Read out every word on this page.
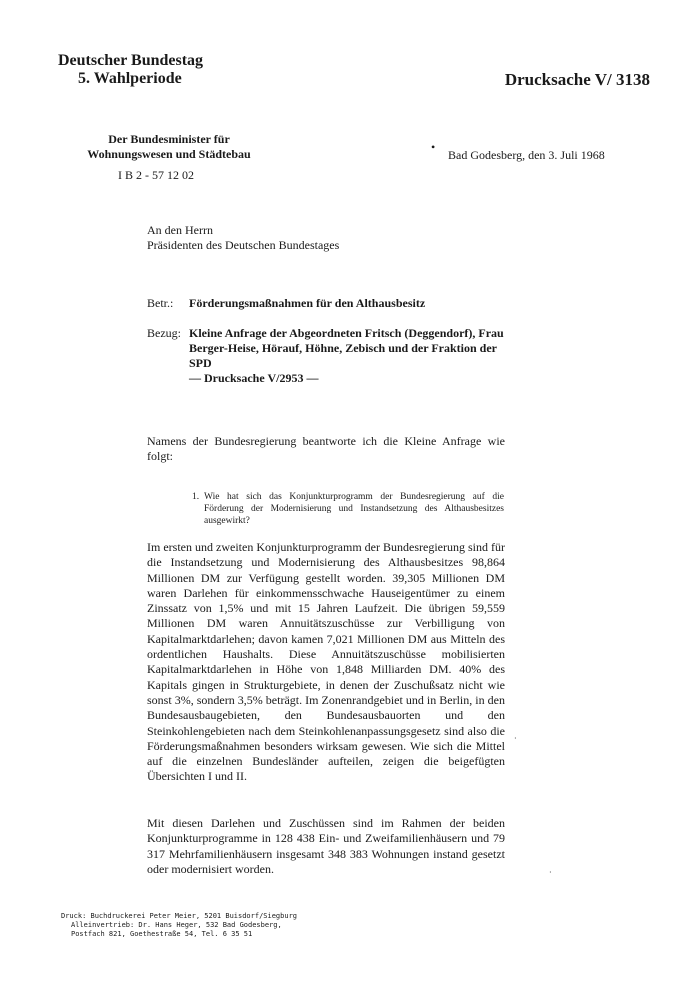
Deutscher Bundestag
5. Wahlperiode	Drucksache V/ 3138
Der Bundesminister für
Wohnungswesen und Städtebau
I B 2 - 57 12 02
•
Bad Godesberg, den 3. Juli 1968
An den Herrn
Präsidenten des Deutschen Bundestages
Betr.: Förderungsmaßnahmen für den Althausbesitz
Bezug: Kleine Anfrage der Abgeordneten Fritsch (Deggendorf), Frau Berger-Heise, Hörauf, Höhne, Zebisch und der Fraktion der SPD
— Drucksache V/2953 —
Namens der Bundesregierung beantworte ich die Kleine Anfrage wie folgt:
1. Wie hat sich das Konjunkturprogramm der Bundesregierung auf die Förderung der Modernisierung und Instandsetzung des Althausbesitzes ausgewirkt?
Im ersten und zweiten Konjunkturprogramm der Bundesregierung sind für die Instandsetzung und Modernisierung des Althausbesitzes 98,864 Millionen DM zur Verfügung gestellt worden. 39,305 Millionen DM waren Darlehen für einkommensschwache Hauseigentümer zu einem Zinssatz von 1,5% und mit 15 Jahren Laufzeit. Die übrigen 59,559 Millionen DM waren Annuitätszuschüsse zur Verbilligung von Kapitalmarktdarlehen; davon kamen 7,021 Millionen DM aus Mitteln des ordentlichen Haushalts. Diese Annuitätszuschüsse mobilisierten Kapitalmarktdarlehen in Höhe von 1,848 Milliarden DM. 40% des Kapitals gingen in Strukturgebiete, in denen der Zuschußsatz nicht wie sonst 3%, sondern 3,5% beträgt. Im Zonenrandgebiet und in Berlin, in den Bundesausbaugebieten, den Bundesausbauorten und den Steinkohlengebieten nach dem Steinkohlenanpassungsgesetz sind also die Förderungsmaßnahmen besonders wirksam gewesen. Wie sich die Mittel auf die einzelnen Bundesländer aufteilen, zeigen die beigefügten Übersichten I und II.
Mit diesen Darlehen und Zuschüssen sind im Rahmen der beiden Konjunkturprogramme in 128 438 Ein- und Zweifamilienhäusern und 79 317 Mehrfamilienhäusern insgesamt 348 383 Wohnungen instand gesetzt oder modernisiert worden.
·
·
Druck: Buchdruckerei Peter Meier, 5201 Buisdorf/Siegburg
Alleinvertrieb: Dr. Hans Heger, 532 Bad Godesberg,
Postfach 821, Goethestraße 54, Tel. 6 35 51
